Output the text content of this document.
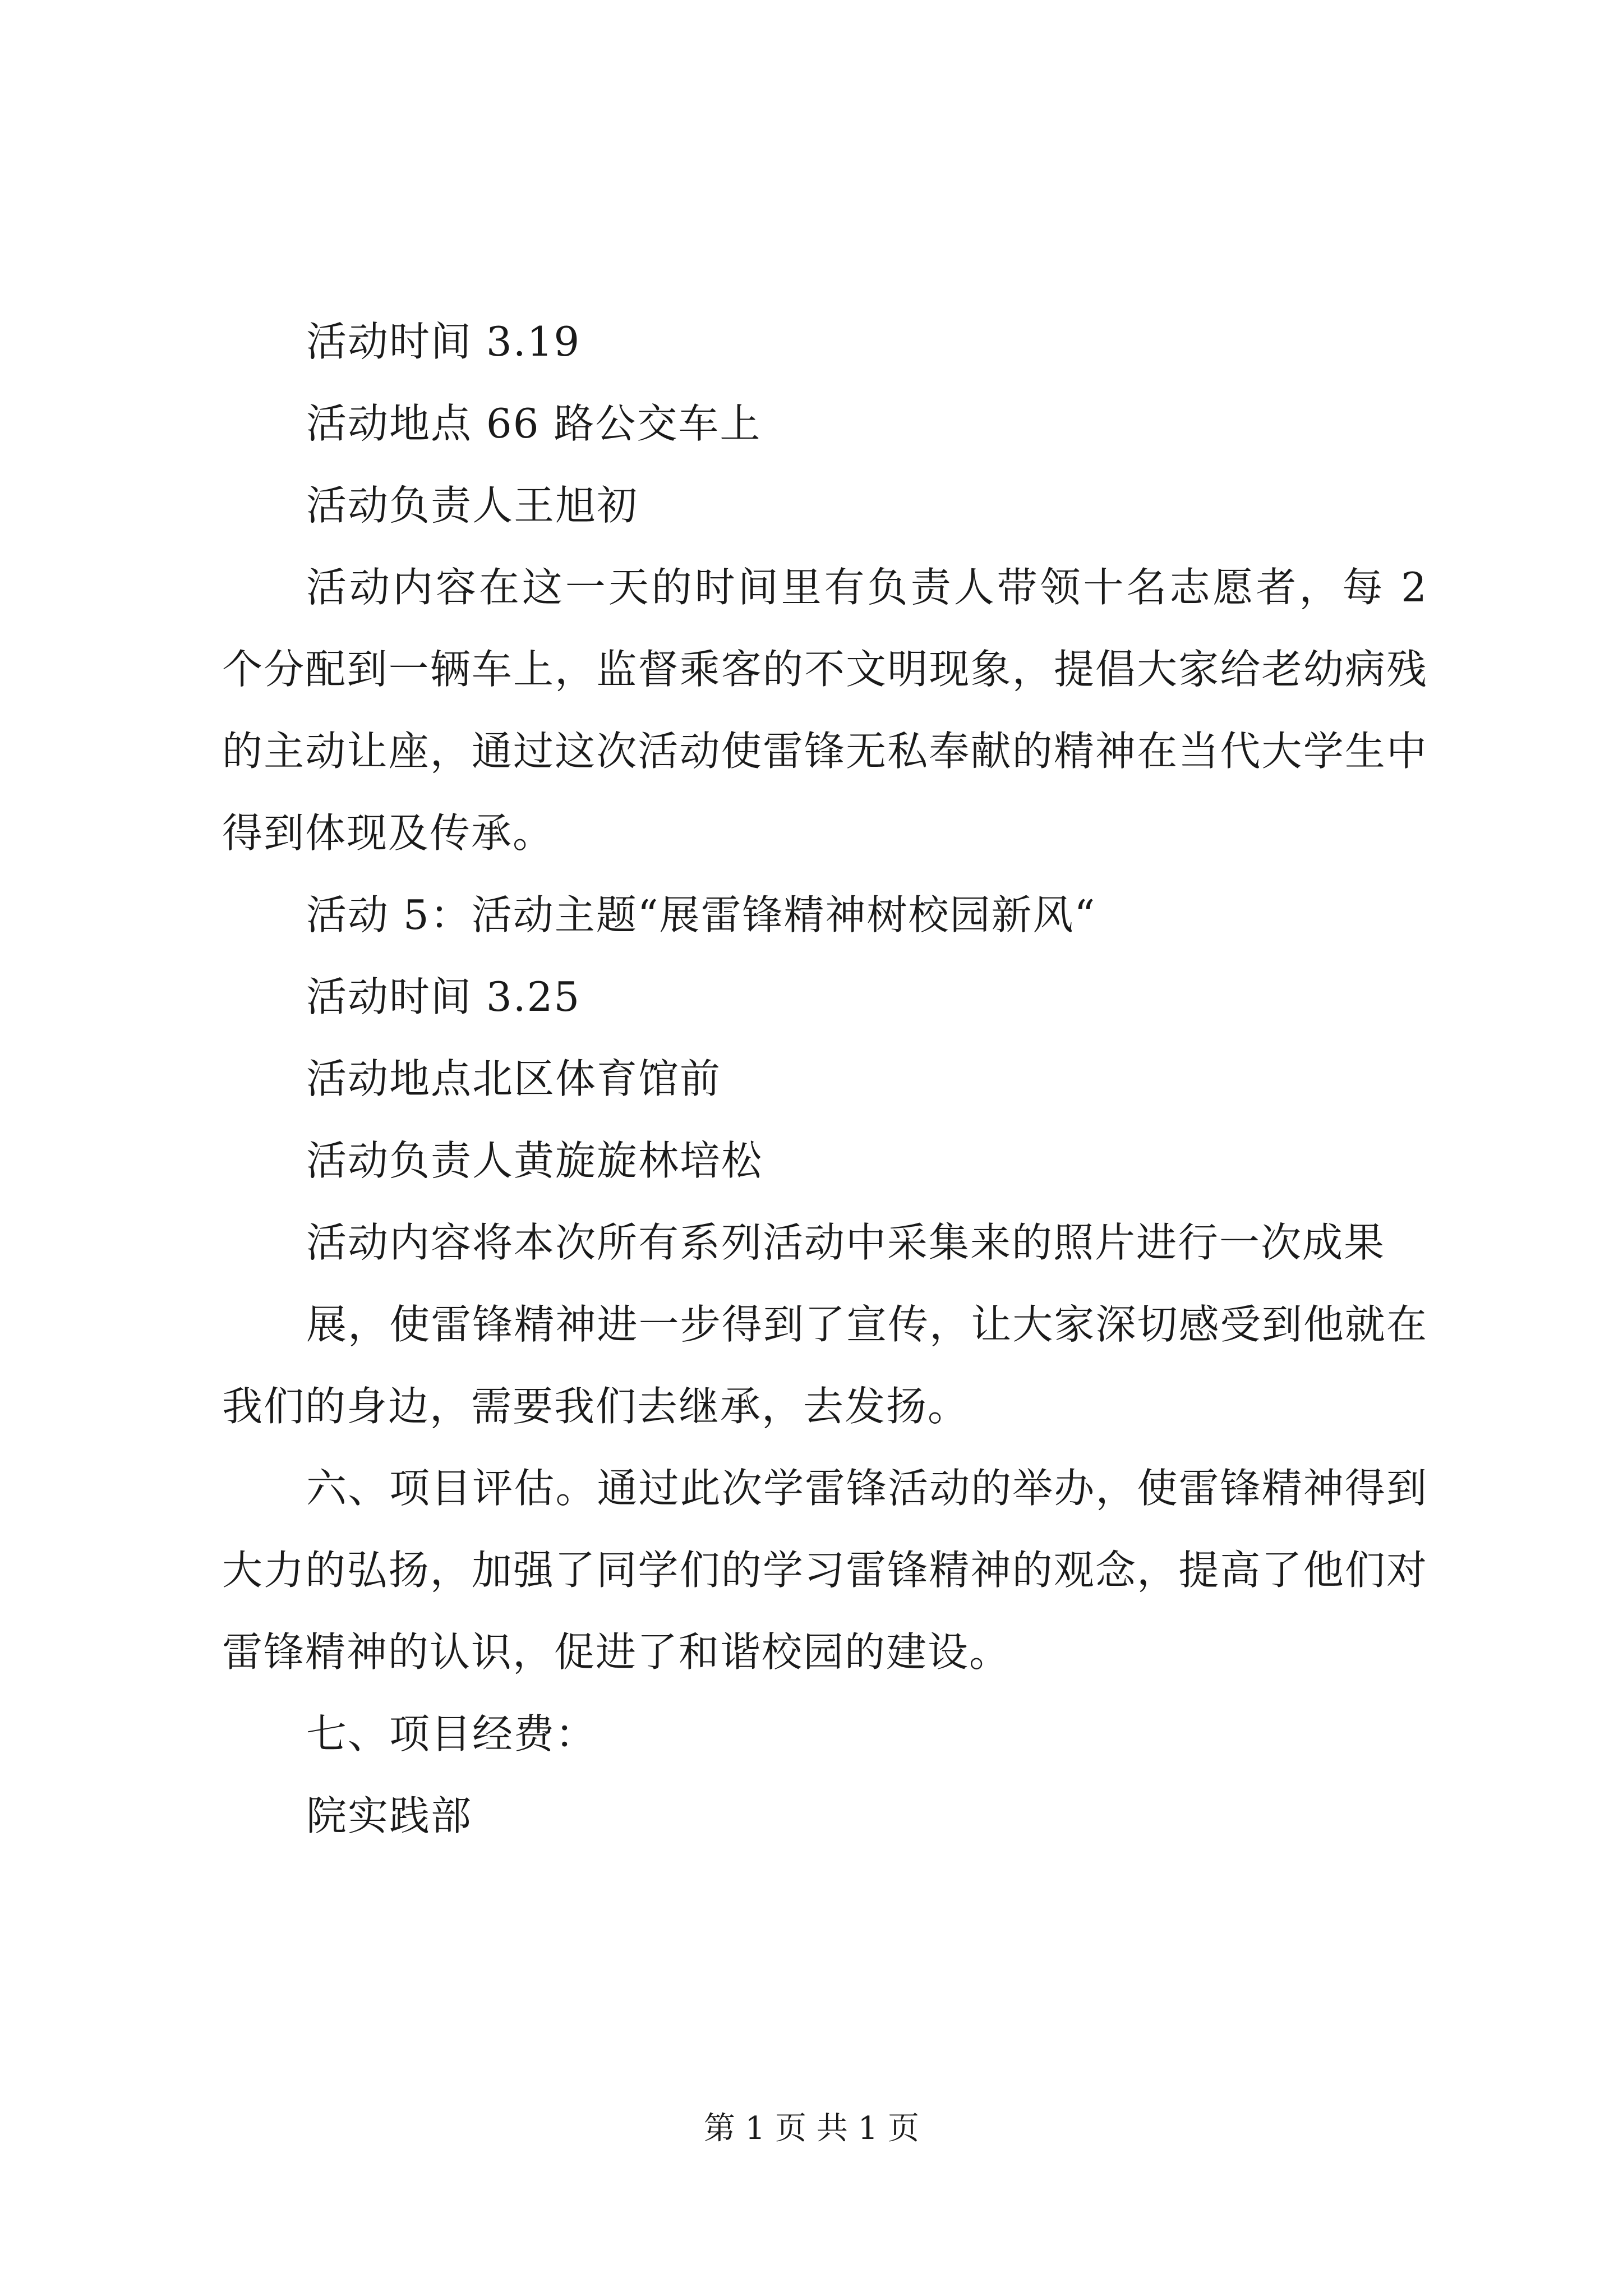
活动时间 3.19

活动地点 66 路公交车上

活动负责人王旭初

活动内容在这一天的时间里有负责人带领十名志愿者，每 2 个分配到一辆车上，监督乘客的不文明现象，提倡大家给老幼病残的主动让座，通过这次活动使雷锋无私奉献的精神在当代大学生中得到体现及传承。

活动 5：活动主题“展雷锋精神树校园新风“

活动时间 3.25

活动地点北区体育馆前

活动负责人黄旋旋林培松

活动内容将本次所有系列活动中采集来的照片进行一次成果

展，使雷锋精神进一步得到了宣传，让大家深切感受到他就在我们的身边，需要我们去继承，去发扬。

六、项目评估。通过此次学雷锋活动的举办，使雷锋精神得到大力的弘扬，加强了同学们的学习雷锋精神的观念，提高了他们对雷锋精神的认识，促进了和谐校园的建设。

七、项目经费：

院实践部

第 1 页 共 1 页
